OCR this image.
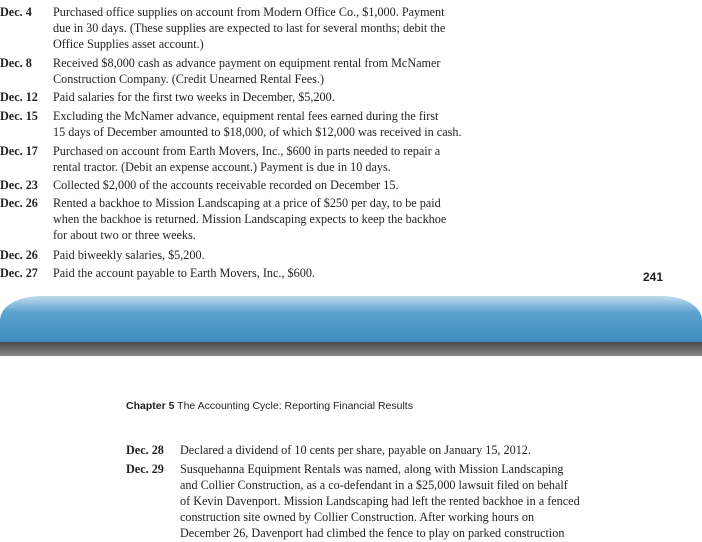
Dec. 4 Purchased office supplies on account from Modern Office Co., $1,000. Payment
due in 30 days. (These supplies are expected to last for several months; debit the
Office Supplies asset account.)
Dec. 8 Received $8,000 cash as advance payment on equipment rental from McNamer
Construction Company. (Credit Unearned Rental Fees.)
Dec. 12 Paid salaries for the first two weeks in December, $5,200.
Dec. 15 Excluding the McNamer advance, equipment rental fees earned during the first
15 days of December amounted to $18,000, of which $12,000 was received in cash.
Dec. 17 Purchased on account from Earth Movers, Inc., $600 in parts needed to repair a
rental tractor. (Debit an expense account.) Payment is due in 10 days.
Dec. 23 Collected $2,000 of the accounts receivable recorded on December 15.
Dec. 26 Rented a backhoe to Mission Landscaping at a price of $250 per day, to be paid
when the backhoe is returned. Mission Landscaping expects to keep the backhoe
for about two or three weeks.
Dec. 26 Paid biweekly salaries, $5,200.
Dec. 27 Paid the account payable to Earth Movers, Inc., $600.	241
Chapter 5 The Accounting Cycle: Reporting Financial Results
Dec. 28 Declared a dividend of 10 cents per share, payable on January 15, 2012.
Dec. 29 Susquehanna Equipment Rentals was named, along with Mission Landscaping
and Collier Construction, as a co-defendant in a $25,000 lawsuit filed on behalf
of Kevin Davenport. Mission Landscaping had left the rented backhoe in a fenced
construction site owned by Collier Construction. After working hours on
December 26, Davenport had climbed the fence to play on parked construction
